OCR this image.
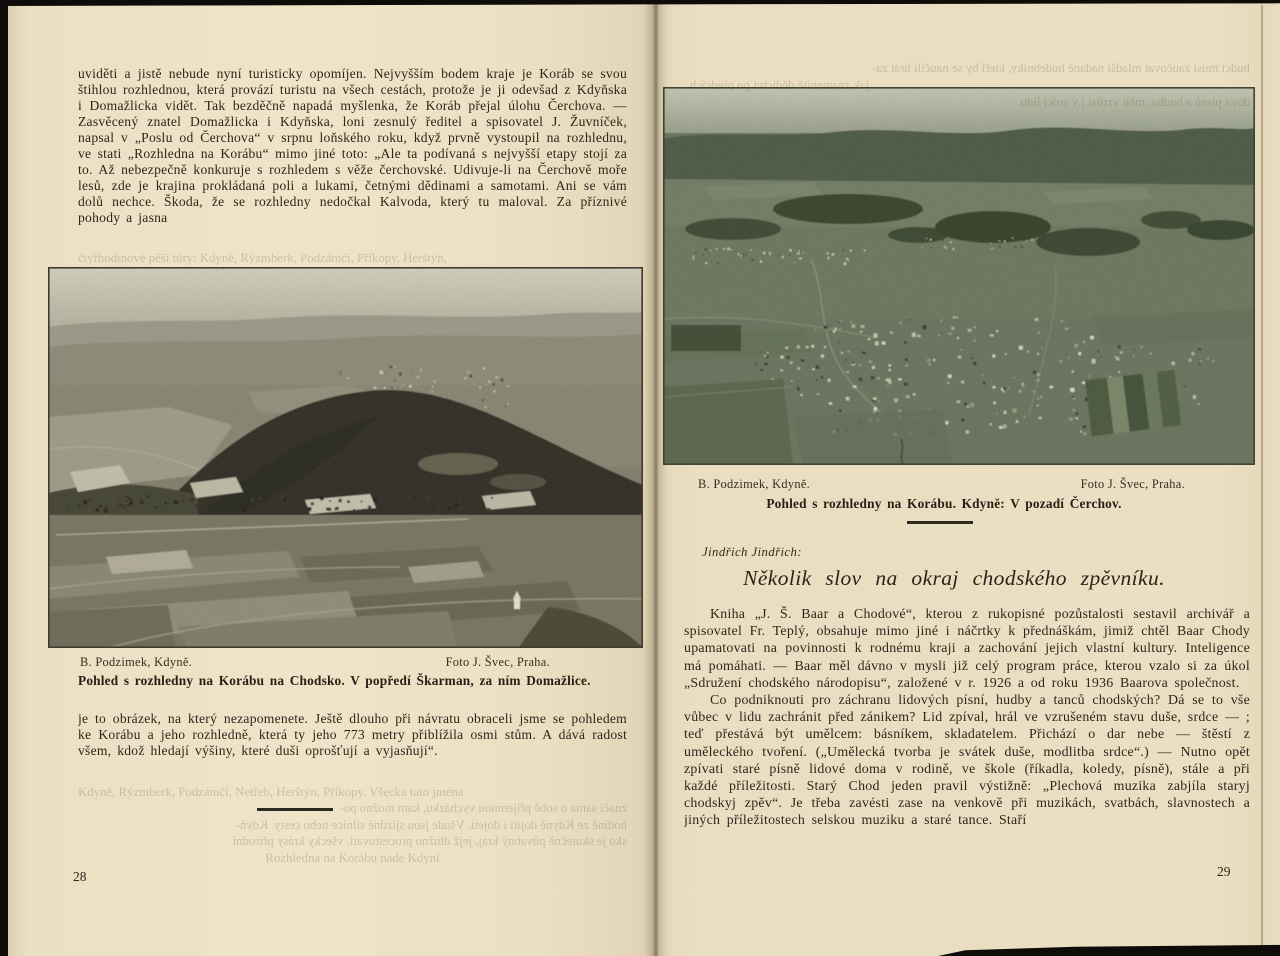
uviděti a jistě nebude nyní turisticky opomíjen. Nejvyšším bodem kraje je Koráb se svou štihlou rozhlednou, která provází turistu na všech cestách, protože je ji odevšad z Kdyňska i Domažlicka vidět. Tak bezděčně napadá myšlenka, že Koráb přejal úlohu Čerchova. — Zasvěcený znatel Domažlicka i Kdyňska, loni zesnulý ředitel a spisovatel J. Žuvníček, napsal v „Poslu od Čerchova“ v srpnu loňského roku, když prvně vystoupil na rozhlednu, ve stati „Rozhledna na Korábu“ mimo jiné toto: „Ale ta podívaná s nejvyšší etapy stojí za to. Až nebezpečně konkuruje s rozhledem s věže čerchovské. Udivuje-li na Čerchově moře lesů, zde je krajina prokládaná poli a lukami, četnými dědinami a samotami. Ani se vám dolů nechce. Škoda, že se rozhledny nedočkal Kalvoda, který tu maloval. Za příznivé pohody a jasna
čtyřhodinové pěší túry: Kdyně, Rýzmberk, Podzámčí, Příkopy, Herštýn,
B. Podzimek, Kdyně.	Foto J. Švec, Praha.
Pohled s rozhledny na Korábu na Chodsko. V popředí Škarman, za ním Domažlice.
je to obrázek, na který nezapomenete. Ještě dlouho při návratu obraceli jsme se pohledem ke Korábu a jeho rozhledně, která ty jeho 773 metry přiblížila osmi stům. A dává radost všem, kdož hledají výšiny, které duši oprošťují a vyjasňují“.
Kdyně, Rýzmberk, Podzámčí, Netřeb, Herštýn, Příkopy. Všecka tato jména
značí sama o sobě příjemnou vycházku, kam možno po-
hodině ze Kdyně dojíti i dojeti. Všude jsou sjízdné silnice nebo cesty. Kdyň-
sko je skutečně půvabný kraj, jejž dlužno procestovati, všecky krásy přírodní
Rozhledna na Korábu nade Kdyní
28
hudci musí zaučovat mladší nadané hudebníky, kteří by se naučili hrát za-
jak znamenitě dědictví po předcích
dová píseň a hudba, měli vzrůst i v srdci lidu.
B. Podzimek, Kdyně.	Foto J. Švec, Praha.
Pohled s rozhledny na Korábu. Kdyně: V pozadí Čerchov.
Jindřich Jindřich:
Několik slov na okraj chodského zpěvníku.

Kniha „J. Š. Baar a Chodové“, kterou z rukopisné pozůstalosti sestavil archivář a spisovatel Fr. Teplý, obsahuje mimo jiné i náčrtky k přednáškám, jimiž chtěl Baar Chody upamatovati na povinnosti k rodnému kraji a zachování jejich vlastní kultury. Inteligence má pomáhati. — Baar měl dávno v mysli již celý program práce, kterou vzalo si za úkol „Sdružení chodského národopisu“, založené v r. 1926 a od roku 1936 Baarova společnost.

Co podniknouti pro záchranu lidových písní, hudby a tanců chodských? Dá se to vše vůbec v lidu zachránit před zánikem? Lid zpíval, hrál ve vzrušeném stavu duše, srdce — ; teď přestává být umělcem: básníkem, skladatelem. Přichází o dar nebe — štěstí z uměleckého tvoření. („Umělecká tvorba je svátek duše, modlitba srdce“.) — Nutno opět zpívati staré písně lidové doma v rodině, ve škole (říkadla, koledy, písně), stále a při každé příležitosti. Starý Chod jeden pravil výstižně: „Plechová muzika zabjíla staryj chodskyj zpěv“. Je třeba zavésti zase na venkově při muzikách, svatbách, slavnostech a jiných příležitostech selskou muziku a staré tance. Staří

29
